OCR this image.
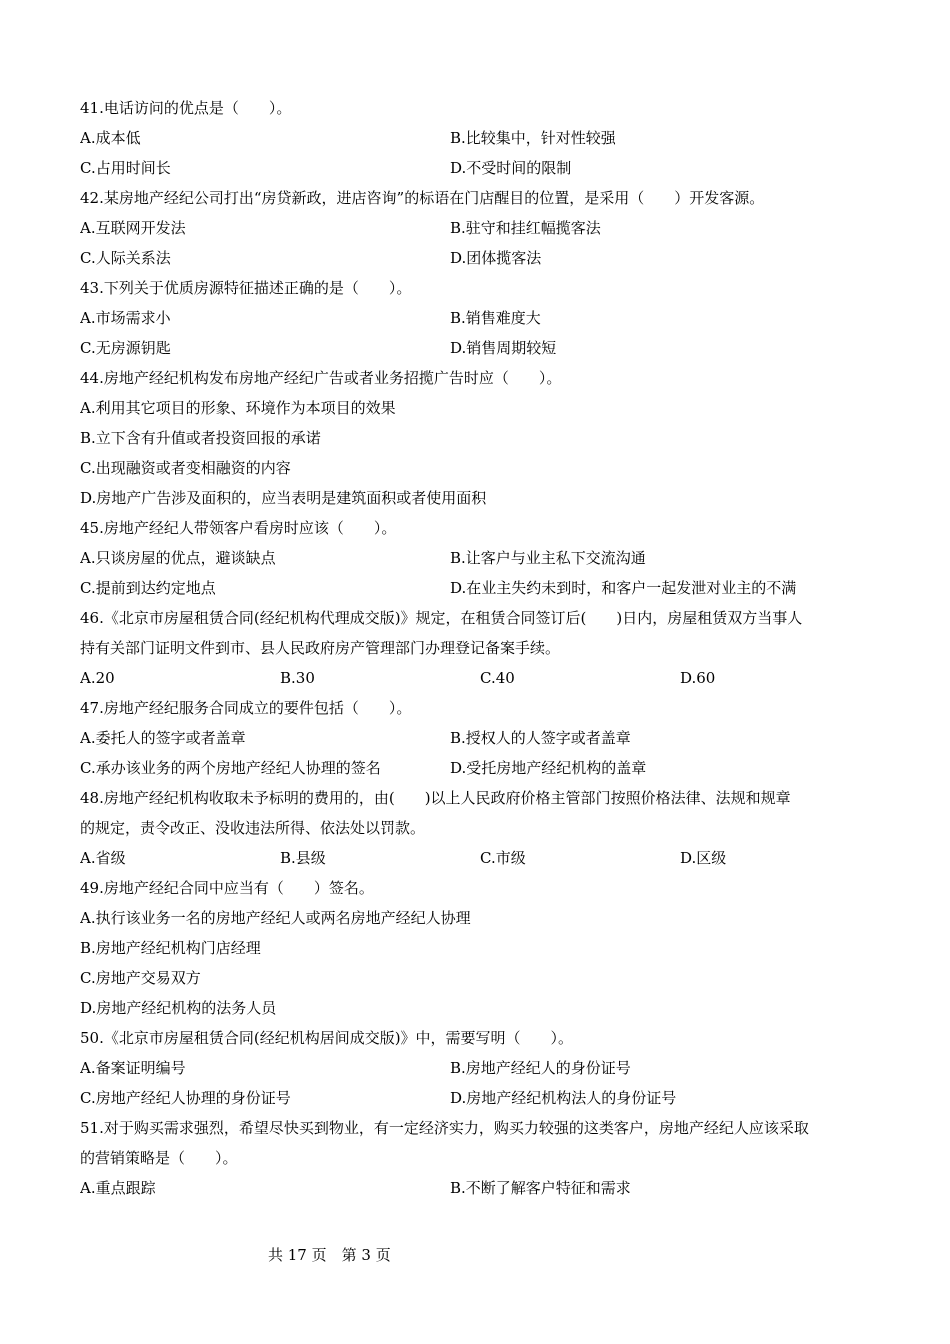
41.电话访问的优点是（　　）。
A.成本低	B.比较集中，针对性较强
C.占用时间长	D.不受时间的限制
42.某房地产经纪公司打出“房贷新政，进店咨询”的标语在门店醒目的位置，是采用（　　）开发客源。
A.互联网开发法	B.驻守和挂红幅揽客法
C.人际关系法	D.团体揽客法
43.下列关于优质房源特征描述正确的是（　　）。
A.市场需求小	B.销售难度大
C.无房源钥匙	D.销售周期较短
44.房地产经纪机构发布房地产经纪广告或者业务招揽广告时应（　　）。
A.利用其它项目的形象、环境作为本项目的效果
B.立下含有升值或者投资回报的承诺
C.出现融资或者变相融资的内容
D.房地产广告涉及面积的，应当表明是建筑面积或者使用面积
45.房地产经纪人带领客户看房时应该（　　）。
A.只谈房屋的优点，避谈缺点	B.让客户与业主私下交流沟通
C.提前到达约定地点	D.在业主失约未到时，和客户一起发泄对业主的不满
46.《北京市房屋租赁合同(经纪机构代理成交版)》规定，在租赁合同签订后(　　)日内，房屋租赁双方当事人
持有关部门证明文件到市、县人民政府房产管理部门办理登记备案手续。
A.20	B.30	C.40	D.60
47.房地产经纪服务合同成立的要件包括（　　）。
A.委托人的签字或者盖章	B.授权人的人签字或者盖章
C.承办该业务的两个房地产经纪人协理的签名	D.受托房地产经纪机构的盖章
48.房地产经纪机构收取未予标明的费用的，由(　　)以上人民政府价格主管部门按照价格法律、法规和规章
的规定，责令改正、没收违法所得、依法处以罚款。
A.省级	B.县级	C.市级	D.区级
49.房地产经纪合同中应当有（　　）签名。
A.执行该业务一名的房地产经纪人或两名房地产经纪人协理
B.房地产经纪机构门店经理
C.房地产交易双方
D.房地产经纪机构的法务人员
50.《北京市房屋租赁合同(经纪机构居间成交版)》中，需要写明（　　）。
A.备案证明编号	B.房地产经纪人的身份证号
C.房地产经纪人协理的身份证号	D.房地产经纪机构法人的身份证号
51.对于购买需求强烈，希望尽快买到物业，有一定经济实力，购买力较强的这类客户，房地产经纪人应该采取
的营销策略是（　　）。
A.重点跟踪	B.不断了解客户特征和需求
共 17 页　第 3 页
